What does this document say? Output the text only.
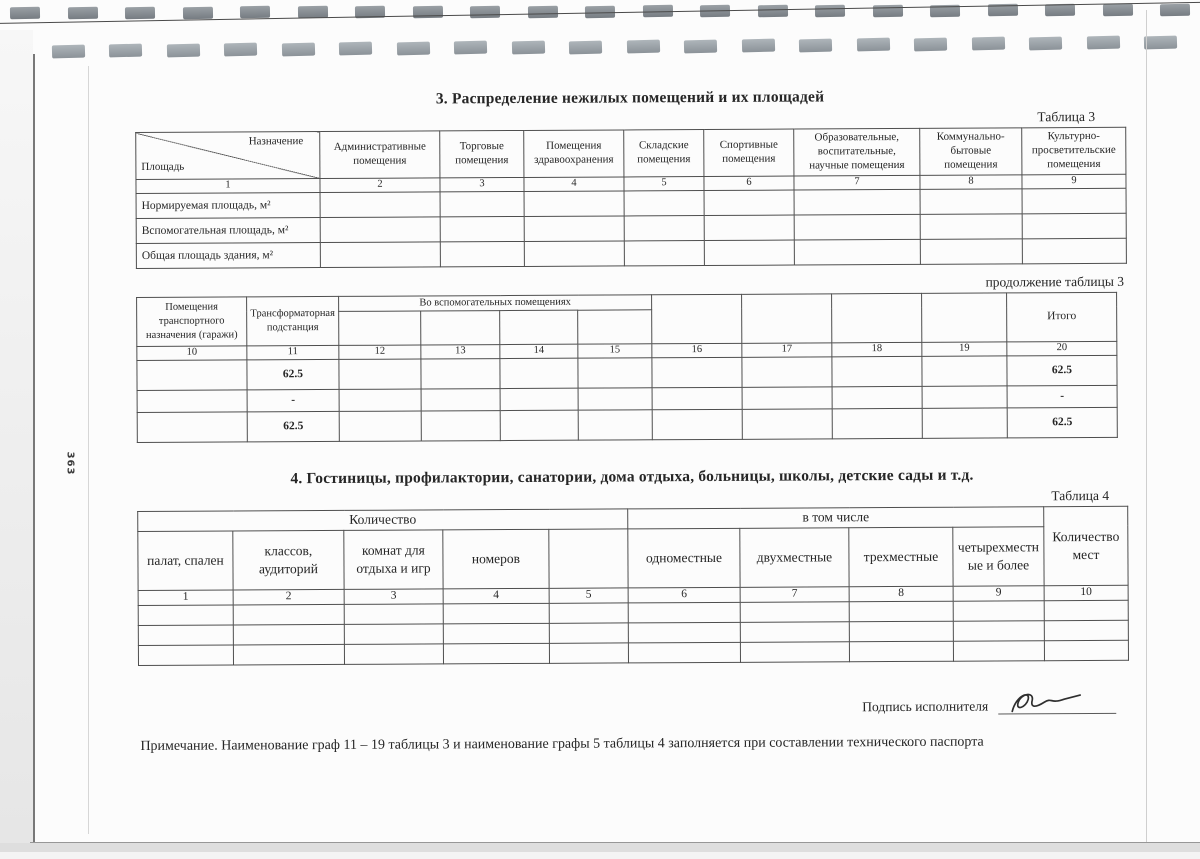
363
3. Распределение нежилых помещений и их площадей
Таблица 3
Назначение
Площадь	Административные помещения	Торговые помещения	Помещения здравоохранения	Складские помещения	Спортивные помещения	Образовательные, воспитательные, научные помещения	Коммунально-бытовые помещения	Культурно-просветительские помещения
1	2	3	4	5	6	7	8	9
Нормируемая площадь, м²								
Вспомогательная площадь, м²								
Общая площадь здания, м²								
продолжение таблицы 3
Помещения транспортного назначения (гаражи)	Трансформаторная подстанция	Во вспомогательных помещениях								Итого

10	11	12	13	14	15	16	17	18	19	20
	62.5									62.5
	-									-
	62.5									62.5
4. Гостиницы, профилактории, санатории, дома отдыха, больницы, школы, детские сады и т.д.
Таблица 4
Количество					в том числе				Количество мест
палат, спален	классов, аудиторий	комнат для отдыха и игр	номеров		одноместные	двухместные	трехместные	четырехместные и более	
1	2	3	4	5	6	7	8	9	10

Подпись исполнителя
Примечание. Наименование граф 11 – 19 таблицы 3 и наименование графы 5 таблицы 4 заполняется при составлении технического паспорта
